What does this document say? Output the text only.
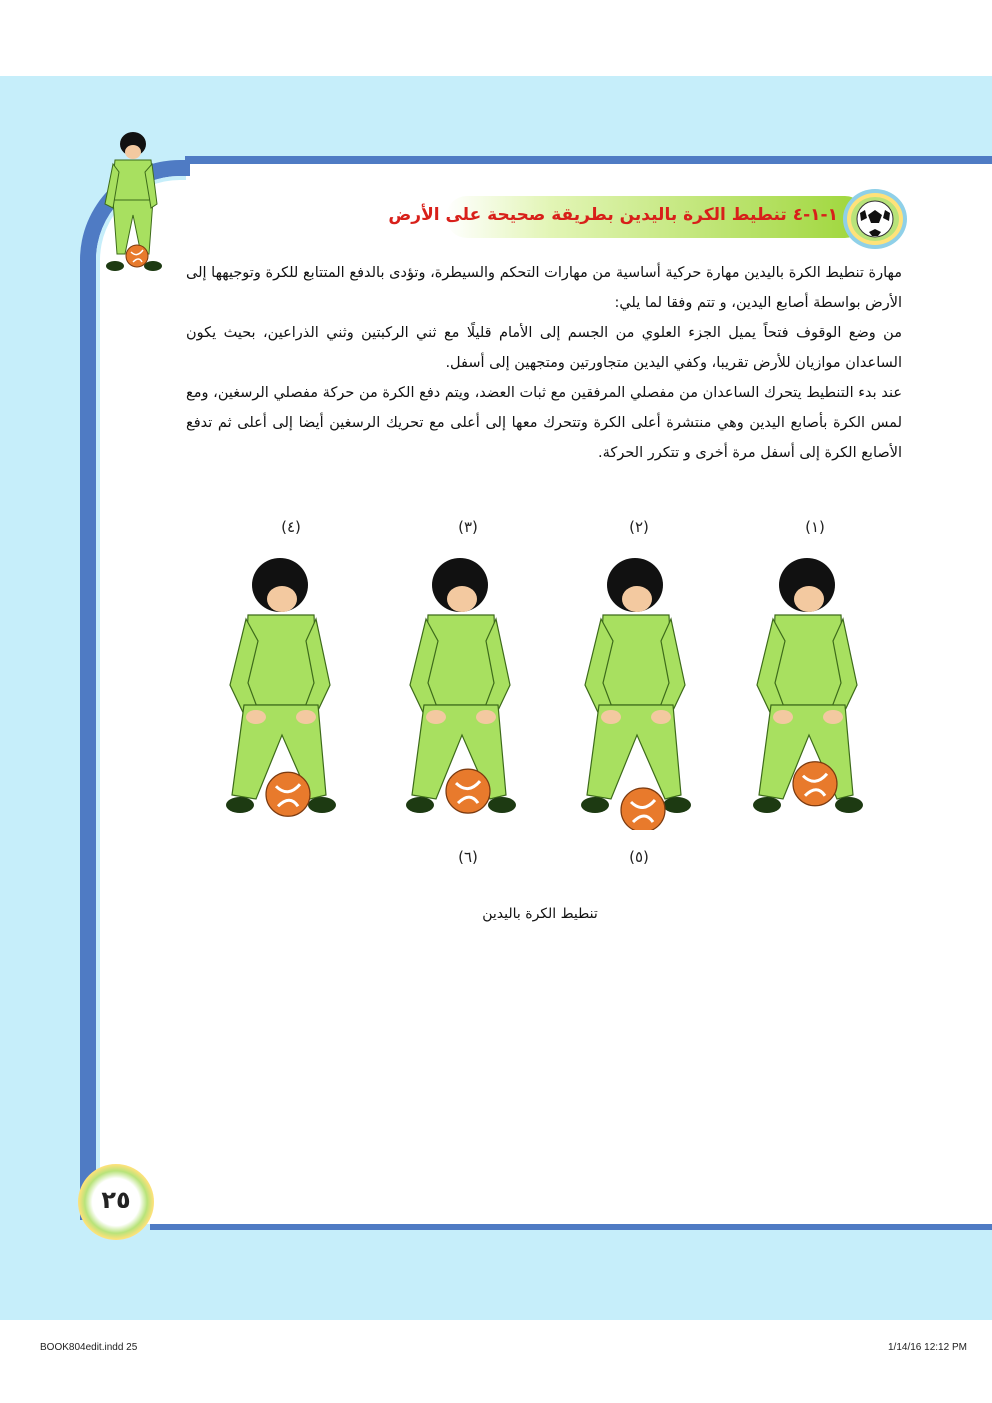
١-١-٤ تنطيط الكرة باليدين بطريقة صحيحة على الأرض

مهارة تنطيط الكرة باليدين مهارة حركية أساسية من مهارات التحكم والسيطرة، وتؤدى بالدفع المتتابع للكرة وتوجيهها إلى الأرض بواسطة أصابع اليدين، و تتم وفقا لما يلي:

من وضع الوقوف فتحاً يميل الجزء العلوي من الجسم إلى الأمام قليلًا مع ثني الركبتين وثني الذراعين، بحيث يكون الساعدان موازيان للأرض تقريبا، وكفي اليدين متجاورتين ومتجهين إلى أسفل.

عند بدء التنطيط يتحرك الساعدان من مفصلي المرفقين مع ثبات العضد، ويتم دفع الكرة من حركة مفصلي الرسغين، ومع لمس الكرة بأصابع اليدين وهي منتشرة أعلى الكرة وتتحرك معها إلى أعلى مع تحريك الرسغين أيضا إلى أعلى ثم تدفع الأصابع الكرة إلى أسفل مرة أخرى و تتكرر الحركة.

(١)
(٢)
(٣)
(٤)
(٥)
(٦)
تنطيط الكرة باليدين
٢٥
BOOK804edit.indd 25	1/14/16 12:12 PM
